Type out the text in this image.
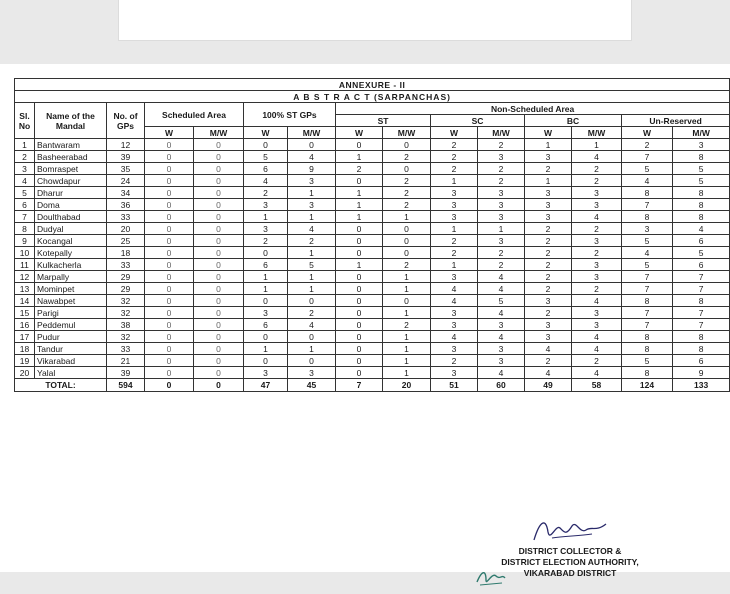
ANNEXURE - II														
A B S T R A C T (SARPANCHAS)														
Sl. No	Name of the Mandal	No. of GPs	Scheduled Area		100% ST GPs		Non-Scheduled Area							
							ST		SC		BC		Un-Reserved	
			W	M/W	W	M/W	W	M/W	W	M/W	W	M/W	W	M/W
1	Bantwaram	12	0	0	0	0	0	0	2	2	1	1	2	3
2	Basheerabad	39	0	0	5	4	1	2	2	3	3	4	7	8
3	Bomraspet	35	0	0	6	9	2	0	2	2	2	2	5	5
4	Chowdapur	24	0	0	4	3	0	2	1	2	1	2	4	5
5	Dharur	34	0	0	2	1	1	2	3	3	3	3	8	8
6	Doma	36	0	0	3	3	1	2	3	3	3	3	7	8
7	Doulthabad	33	0	0	1	1	1	1	3	3	3	4	8	8
8	Dudyal	20	0	0	3	4	0	0	1	1	2	2	3	4
9	Kocangal	25	0	0	2	2	0	0	2	3	2	3	5	6
10	Kotepally	18	0	0	0	1	0	0	2	2	2	2	4	5
11	Kulkacherla	33	0	0	6	5	1	2	1	2	2	3	5	6
12	Marpally	29	0	0	1	1	0	1	3	4	2	3	7	7
13	Mominpet	29	0	0	1	1	0	1	4	4	2	2	7	7
14	Nawabpet	32	0	0	0	0	0	0	4	5	3	4	8	8
15	Parigi	32	0	0	3	2	0	1	3	4	2	3	7	7
16	Peddemul	38	0	0	6	4	0	2	3	3	3	3	7	7
17	Pudur	32	0	0	0	0	0	1	4	4	3	4	8	8
18	Tandur	33	0	0	1	1	0	1	3	3	4	4	8	8
19	Vikarabad	21	0	0	0	0	0	1	2	3	2	2	5	6
20	Yalal	39	0	0	3	3	0	1	3	4	4	4	8	9
TOTAL:		594	0	0	47	45	7	20	51	60	49	58	124	133
DISTRICT COLLECTOR &
DISTRICT ELECTION AUTHORITY,
VIKARABAD DISTRICT
